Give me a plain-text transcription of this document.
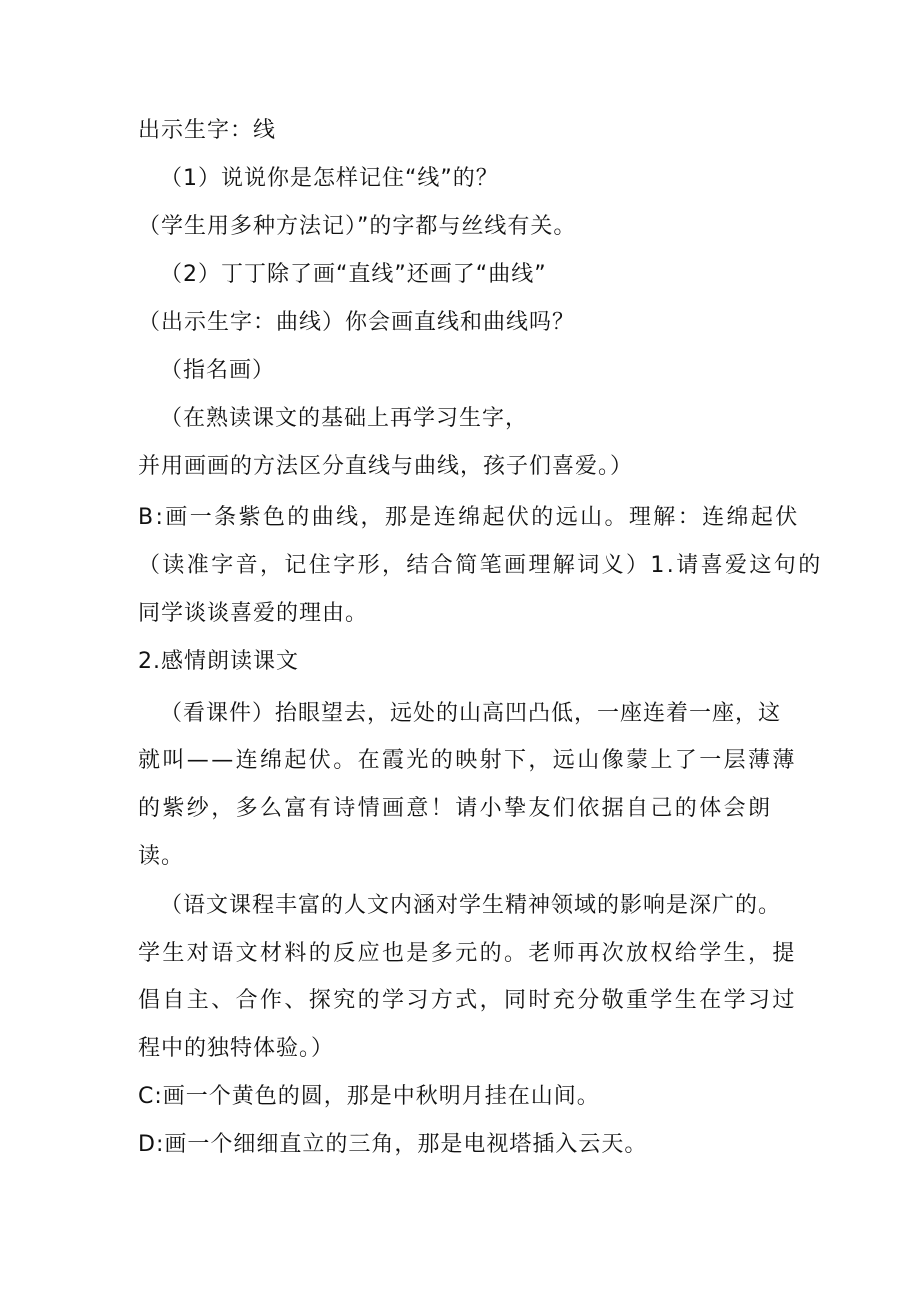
出示生字：线

（1）说说你是怎样记住“线”的？

（学生用多种方法记）”的字都与丝线有关。

（2）丁丁除了画“直线”还画了“曲线”

（出示生字：曲线）你会画直线和曲线吗？

（指名画）

（在熟读课文的基础上再学习生字，

并用画画的方法区分直线与曲线，孩子们喜爱。）

B:画一条紫色的曲线，那是连绵起伏的远山。理解：连绵起伏

（读准字音，记住字形，结合简笔画理解词义）1.请喜爱这句的

同学谈谈喜爱的理由。

2.感情朗读课文

（看课件）抬眼望去，远处的山高凹凸低，一座连着一座，这

就叫——连绵起伏。在霞光的映射下，远山像蒙上了一层薄薄

的紫纱，多么富有诗情画意！请小挚友们依据自己的体会朗

读。

（语文课程丰富的人文内涵对学生精神领域的影响是深广的。

学生对语文材料的反应也是多元的。老师再次放权给学生，提

倡自主、合作、探究的学习方式，同时充分敬重学生在学习过

程中的独特体验。）

C:画一个黄色的圆，那是中秋明月挂在山间。

D:画一个细细直立的三角，那是电视塔插入云天。
